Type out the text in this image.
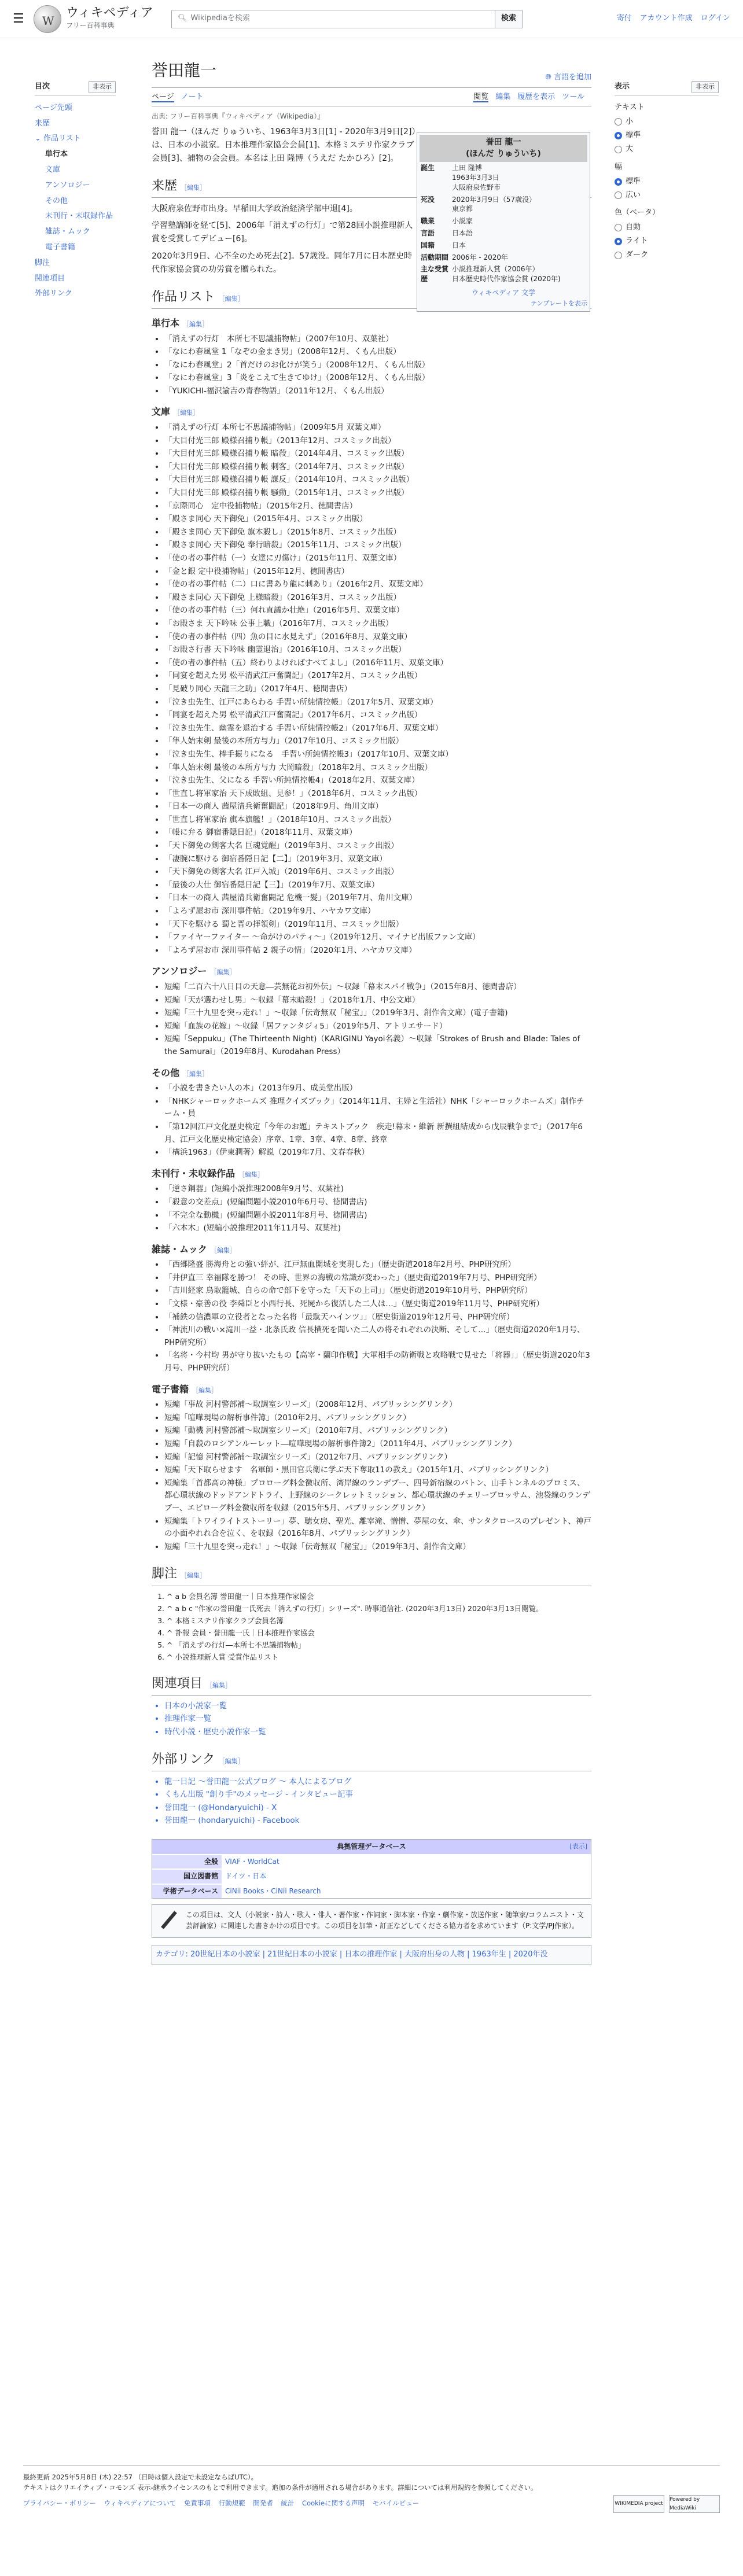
☰
W	ウィキペディア
フリー百科事典
🔍︎ Wikipediaを検索	検索	寄付 アカウント作成 ログイン
目次	非表示
ページ先頭
来歴
⌄ 作品リスト
単行本
文庫
アンソロジー
その他
未刊行・未収録作品
雑誌・ムック
電子書籍
脚注
関連項目
外部リンク
表示	非表示
テキスト
小
標準
大
幅
標準
広い
色（ベータ）
自動
ライト
ダーク
誉田龍一	🌐︎ 言語を追加
ページ ノート	閲覧 編集 履歴を表示 ツール
出典: フリー百科事典『ウィキペディア（Wikipedia）』
誉田 龍一（ほんだ りゅういち、1963年3月3日[1] - 2020年3月9日[2]）は、日本の小説家。日本推理作家協会会員[1]、本格ミステリ作家クラブ会員[3]、捕物の会会員。本名は上田 隆博（うえだ たかひろ）[2]。
来歴 ［編集］

大阪府泉佐野市出身。早稲田大学政治経済学部中退[4]。

学習塾講師を経て[5]、2006年「消えずの行灯」で第28回小説推理新人賞を受賞してデビュー[6]。

2020年3月9日、心不全のため死去[2]。57歳没。同年7月に日本歴史時代作家協会賞の功労賞を贈られた。

作品リスト ［編集］
単行本 ［編集］
• 「消えずの行灯　本所七不思議捕物帖」（2007年10月、双葉社）
• 「なにわ春風堂 1「なぞの金まき男」（2008年12月、くもん出版）
• 「なにわ春風堂」2「首だけのお化けが笑う」（2008年12月、くもん出版）
• 「なにわ春風堂」3「炎をこえて生きてゆけ」（2008年12月、くもん出版）
• 「YUKICHI-福沢諭吉の青春物語」（2011年12月、くもん出版）
文庫 ［編集］
• 「消えずの行灯 本所七不思議捕物帖」（2009年5月 双葉文庫）
• 「大目付光三郎 殿様召捕り帳」（2013年12月、コスミック出版）
• 「大目付光三郎 殿様召捕り帳 暗殺」（2014年4月、コスミック出版）
• 「大目付光三郎 殿様召捕り帳 刺客」（2014年7月、コスミック出版）
• 「大目付光三郎 殿様召捕り帳 謀反」（2014年10月、コスミック出版）
• 「大目付光三郎 殿様召捕り帳 騒動」（2015年1月、コスミック出版）
• 「京際同心　定中役捕物帖」（2015年2月、徳間書店）
• 「殿さま同心 天下御免」（2015年4月、コスミック出版）
• 「殿さま同心 天下御免 旗本殺し」（2015年8月、コスミック出版）
• 「殿さま同心 天下御免 奉行暗殺」（2015年11月、コスミック出版）
• 「使の者の事件帖（一）女達に刃傷け」（2015年11月、双葉文庫）
• 「金と銀 定中役捕物帖」（2015年12月、徳間書店）
• 「使の者の事件帖（二）口に書あり龍に刺あり」（2016年2月、双葉文庫）
• 「殿さま同心 天下御免 上様暗殺」（2016年3月、コスミック出版）
• 「使の者の事件帖（三）何れ直議か壮絶」（2016年5月、双葉文庫）
• 「お殿さま 天下吟味 公事上職」（2016年7月、コスミック出版）
• 「使の者の事件帖（四）魚の目に水見えず」（2016年8月、双葉文庫）
• 「お殿さ行書 天下吟味 幽霊退治」（2016年10月、コスミック出版）
• 「使の者の事件帖（五）終わりよければすべてよし」（2016年11月、双葉文庫）
• 「同宴を超えた男 松平清武江戸奮闘記」（2017年2月、コスミック出版）
• 「見破り同心 天龍三之助」（2017年4月、徳間書店）
• 「泣き虫先生、江戸にあらわる 手習い所純情控帳」（2017年5月、双葉文庫）
• 「同宴を超えた男 松平清武江戸奮闘記」（2017年6月、コスミック出版）
• 「泣き虫先生、幽霊を退治する 手習い所純情控帳2」（2017年6月、双葉文庫）
• 「隼人始末剣 最後の本所方与力」（2017年10月、コスミック出版）
• 「泣き虫先生、棒手振りになる　手習い所純情控帳3」（2017年10月、双葉文庫）
• 「隼人始末剣 最後の本所方与力 大岡暗殺」（2018年2月、コスミック出版）
• 「泣き虫先生、父になる 手習い所純情控帳4」（2018年2月、双葉文庫）
• 「世直し将軍家治 天下成敗組、見参！」（2018年6月、コスミック出版）
• 「日本一の商人 茜屋清兵衛奮闘記」（2018年9月、角川文庫）
• 「世直し将軍家治 旗本旗艦！」（2018年10月、コスミック出版）
• 「帳に弁る 御宿番隠日記」（2018年11月、双葉文庫）
• 「天下御免の剣客大名 巨魂覚醒」（2019年3月、コスミック出版）
• 「凄腕に駆ける 御宿番隠日記【二】」（2019年3月、双葉文庫）
• 「天下御免の剣客大名 江戸入城」（2019年6月、コスミック出版）
• 「最後の大仕 御宿番隠日記【三】」（2019年7月、双葉文庫）
• 「日本一の商人 茜屋清兵衛奮闘記 危機一髪」（2019年7月、角川文庫）
• 「よろず屋お市 深川事件帖」（2019年9月、ハヤカワ文庫）
• 「天下を駆ける 蜀と晋の拝領剣」（2019年11月、コスミック出版）
• 「ファイヤーファイター 〜命がけのパティ〜」（2019年12月、マイナビ出版ファン文庫）
• 「よろず屋お市 深川事件帖 2 親子の情」（2020年1月、ハヤカワ文庫）
アンソロジー ［編集］
• 短編「二百六十八日目の天意―芸無花お初外伝」〜収録「幕末スパイ戦争」（2015年8月、徳間書店）
• 短編「天が選わせし男」〜収録「幕末暗殺！」（2018年1月、中公文庫）
• 短編「三十九里を突っ走れ！」〜収録「伝奇無双「秘宝」」（2019年3月、創作舎文庫）(電子書籍)
• 短編「血族の花嫁」〜収録「居ファンタジィ5」（2019年5月、アトリエサード）
• 短編「Seppuku」(The Thirteenth Night)（KARIGINU Yayoi名義）〜収録「Strokes of Brush and Blade: Tales of the Samurai」（2019年8月、Kurodahan Press）
その他 ［編集］
• 「小説を書きたい人の本」（2013年9月、成美堂出版）
• 「NHKシャーロックホームズ 推理クイズブック」（2014年11月、主婦と生活社）NHK「シャーロックホームズ」制作チーム・員
• 「第12回江戸文化歴史検定「今年のお題」テキストブック　疾走!幕末・維新 新撰組結成から戊辰戦争まで」（2017年6月、江戸文化歴史検定協会）序章、1章、3章、4章、8章、終章
• 「構浜1963」（伊東潤著）解説（2019年7月、文春春秋）
未刊行・未収録作品 ［編集］
• 「逆さ鋼器」(短編小説推理2008年9月号、双葉社)
• 「殺意の交差点」(短編問題小説2010年6月号、徳間書店)
• 「不完全な動機」(短編問題小説2011年8月号、徳間書店)
• 「六本木」(短編小説推理2011年11月号、双葉社)
雑誌・ムック ［編集］
• 「西郷隆盛 勝海舟との強い絆が、江戸無血開城を実現した」（歴史街道2018年2月号、PHP研究所）
• 「井伊直三 幸福隊を勝つ！ その時、世界の海戦の常識が変わった」（歴史街道2019年7月号、PHP研究所）
• 「吉川経家 鳥取籠城、自らの命で部下を守った「天下の上司」」（歴史街道2019年10月号、PHP研究所）
• 「文様・豪善の役 李舜臣と小西行長、死屍から復活した二人は…」（歴史街道2019年11月号、PHP研究所）
• 「補鉄の信濃軍の立役者となった名将「最駄天ハインツ」」（歴史街道2019年12月号、PHP研究所）
• 「神流川の戦い×滝川一益・北条氏政 信長横死を聞いた二人の将それぞれの決断、そして…」（歴史街道2020年1月号、PHP研究所）
• 「名将・今村均 男が守り抜いたもの【高宰・蘭印作戦】大軍相手の防衛戦と攻略戦で見せた「将器」」（歴史街道2020年3月号、PHP研究所）
電子書籍 ［編集］
• 短編「事故 河村警部補〜取調室シリーズ」（2008年12月、パブリッシングリンク）
• 短編「喧嘩現場の解析事件簿」（2010年2月、パブリッシングリンク）
• 短編「動機 河村警部補〜取調室シリーズ」（2010年7月、パブリッシングリンク）
• 短編「自殺のロシアンルーレット―喧嘩現場の解析事件簿2」（2011年4月、パブリッシングリンク）
• 短編「記憶 河村警部補〜取調室シリーズ」（2012年7月、パブリッシングリンク）
• 短編「天下取らせます　名軍師・黒田官兵衛に学ぶ天下奪取11の教え」（2015年1月、パブリッシングリンク）
• 短編集「首都高の神様」プロローグ料金徴収所、湾岸線のランデブー、四号新宿線のバトン、山手トンネルのプロミス、都心環状線のドッドアンドトライ、上野線のシークレットミッション、都心環状線のチェリーブロッサム、池袋線のランデブー、エピローグ料金徴収所を収録（2015年5月、パブリッシングリンク）
• 短編集「トワイライトストーリー」夢、聴女房、聖光、離宰滝、憎憎、夢屋の女、傘、サンタクロースのプレゼント、神戸の小面やれれ合を泣く、を収録（2016年8月、パブリッシングリンク）
• 短編「三十九里を突っ走れ！」〜収録「伝奇無双「秘宝」」（2019年3月、創作舎文庫）
脚注 ［編集］
1. ^ a b 会員名簿 誉田龍一｜日本推理作家協会
2. ^ a b c "作家の誉田龍一氏死去「消えずの行灯」シリーズ". 時事通信社. (2020年3月13日) 2020年3月13日閲覧。
3. ^ 本格ミステリ作家クラブ会員名簿
4. ^ 訃報 会員・誉田龍一氏｜日本推理作家協会
5. ^ 「消えずの行灯―本所七不思議捕物帖」
6. ^ 小説推理新人賞 受賞作品リスト
関連項目 ［編集］
• 日本の小説家一覧
• 推理作家一覧
• 時代小説・歴史小説作家一覧
外部リンク ［編集］
• 龍一日記 〜誉田龍一公式ブログ 〜 本人によるブログ
• くもん出版 "創り手"のメッセージ - インタビュー記事
• 誉田龍一 (@Hondaryuichi) - X
• 誉田龍一 (hondaryuichi) - Facebook
典拠管理データベース	[表示]
全般	VIAF・WorldCat
国立図書館	ドイツ・日本
学術データベース	CiNii Books・CiNii Research
この項目は、文人（小説家・詩人・歌人・俳人・著作家・作詞家・脚本家・作家・劇作家・放送作家・随筆家/コラムニスト・文芸評論家）に関連した書きかけの項目です。この項目を加筆・訂正などしてくださる協力者を求めています（P:文学/PJ作家）。
カテゴリ: 20世紀日本の小説家 | 21世紀日本の小説家 | 日本の推理作家 | 大阪府出身の人物 | 1963年生 | 2020年没
誉田 龍一
(ほんだ りゅういち)
誕生	上田 隆博
1963年3月3日
大阪府泉佐野市
死没	2020年3月9日（57歳没）
東京都
職業	小説家
言語	日本語
国籍	日本
活動期間 2006年 - 2020年
主な受賞歴
小説推理新人賞（2006年）
日本歴史時代作家協会賞 (2020年)
ウィキペディア 文学
テンプレートを表示
最終更新 2025年5月8日 (木) 22:57 （日時は個人設定で未設定ならばUTC）。
テキストはクリエイティブ・コモンズ 表示-継承ライセンスのもとで利用できます。追加の条件が適用される場合があります。詳細については利用規約を参照してください。
プライバシー・ポリシー ウィキペディアについて 免責事項 行動規範 開発者 統計 Cookieに関する声明 モバイルビュー	WIKIMEDIA project
Powered by MediaWiki
